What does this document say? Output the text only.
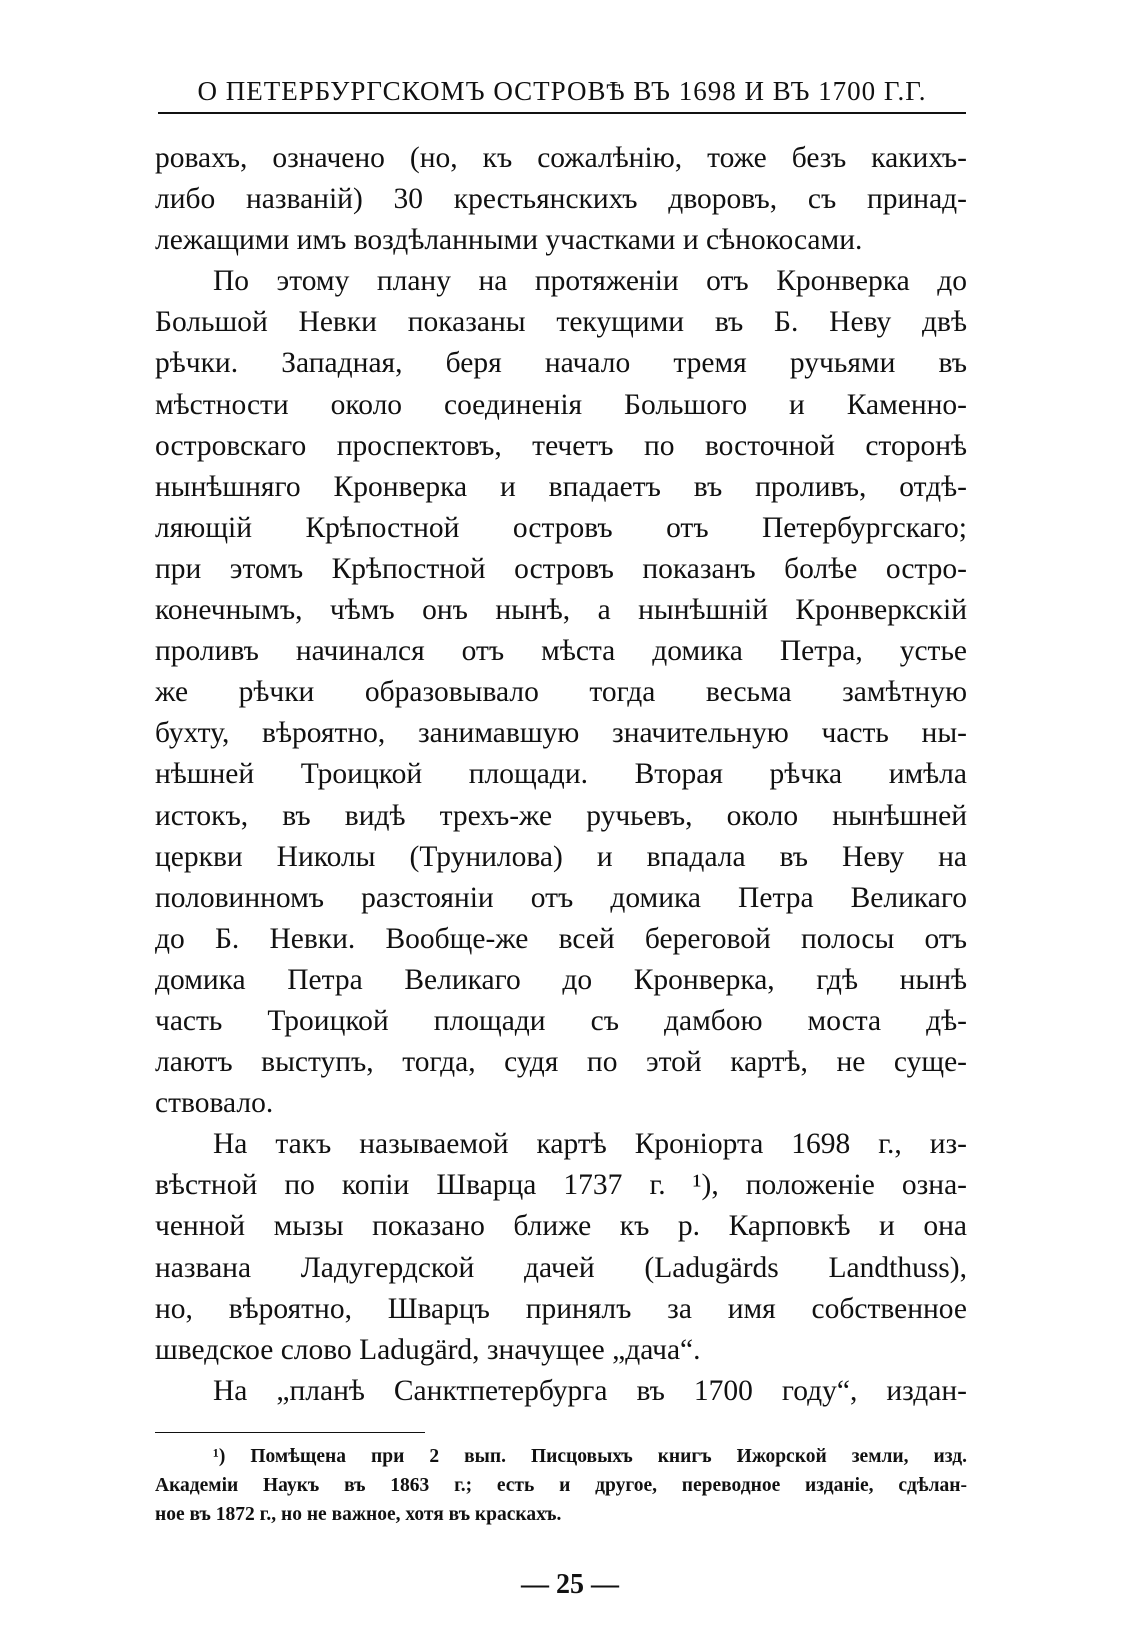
О ПЕТЕРБУРГСКОМЪ ОСТРОВѢ ВЪ 1698 И ВЪ 1700 Г.Г.
ровахъ, означено (но, къ сожалѣнію, тоже безъ какихъ-
либо названій) 30 крестьянскихъ дворовъ, съ принад-
лежащими имъ воздѣланными участками и сѣнокосами.
По этому плану на протяженіи отъ Кронверка до
Большой Невки показаны текущими въ Б. Неву двѣ
рѣчки. Западная, беря начало тремя ручьями въ
мѣстности около соединенія Большого и Каменно-
островскаго проспектовъ, течетъ по восточной сторонѣ
нынѣшняго Кронверка и впадаетъ въ проливъ, отдѣ-
ляющій Крѣпостной островъ отъ Петербургскаго;
при этомъ Крѣпостной островъ показанъ болѣе остро-
конечнымъ, чѣмъ онъ нынѣ, а нынѣшній Кронверкскій
проливъ начинался отъ мѣста домика Петра, устье
же рѣчки образовывало тогда весьма замѣтную
бухту, вѣроятно, занимавшую значительную часть ны-
нѣшней Троицкой площади. Вторая рѣчка имѣла
истокъ, въ видѣ трехъ-же ручьевъ, около нынѣшней
церкви Николы (Трунилова) и впадала въ Неву на
половинномъ разстояніи отъ домика Петра Великаго
до Б. Невки. Вообще-же всей береговой полосы отъ
домика Петра Великаго до Кронверка, гдѣ нынѣ
часть Троицкой площади съ дамбою моста дѣ-
лаютъ выступъ, тогда, судя по этой картѣ, не суще-
ствовало.
На такъ называемой картѣ Кроніорта 1698 г., из-
вѣстной по копіи Шварца 1737 г. ¹), положеніе озна-
ченной мызы показано ближе къ р. Карповкѣ и она
названа Ладугердской дачей (Ladugärds Landthuss),
но, вѣроятно, Шварцъ принялъ за имя собственное
шведское слово Ladugärd, значущее „дача“.
На „планѣ Санктпетербурга въ 1700 году“, издан-
¹) Помѣщена при 2 вып. Писцовыхъ книгъ Ижорской земли, изд.
Академіи Наукъ въ 1863 г.; есть и другое, переводное изданіе, сдѣлан-
ное въ 1872 г., но не важное, хотя въ краскахъ.
— 25 —
